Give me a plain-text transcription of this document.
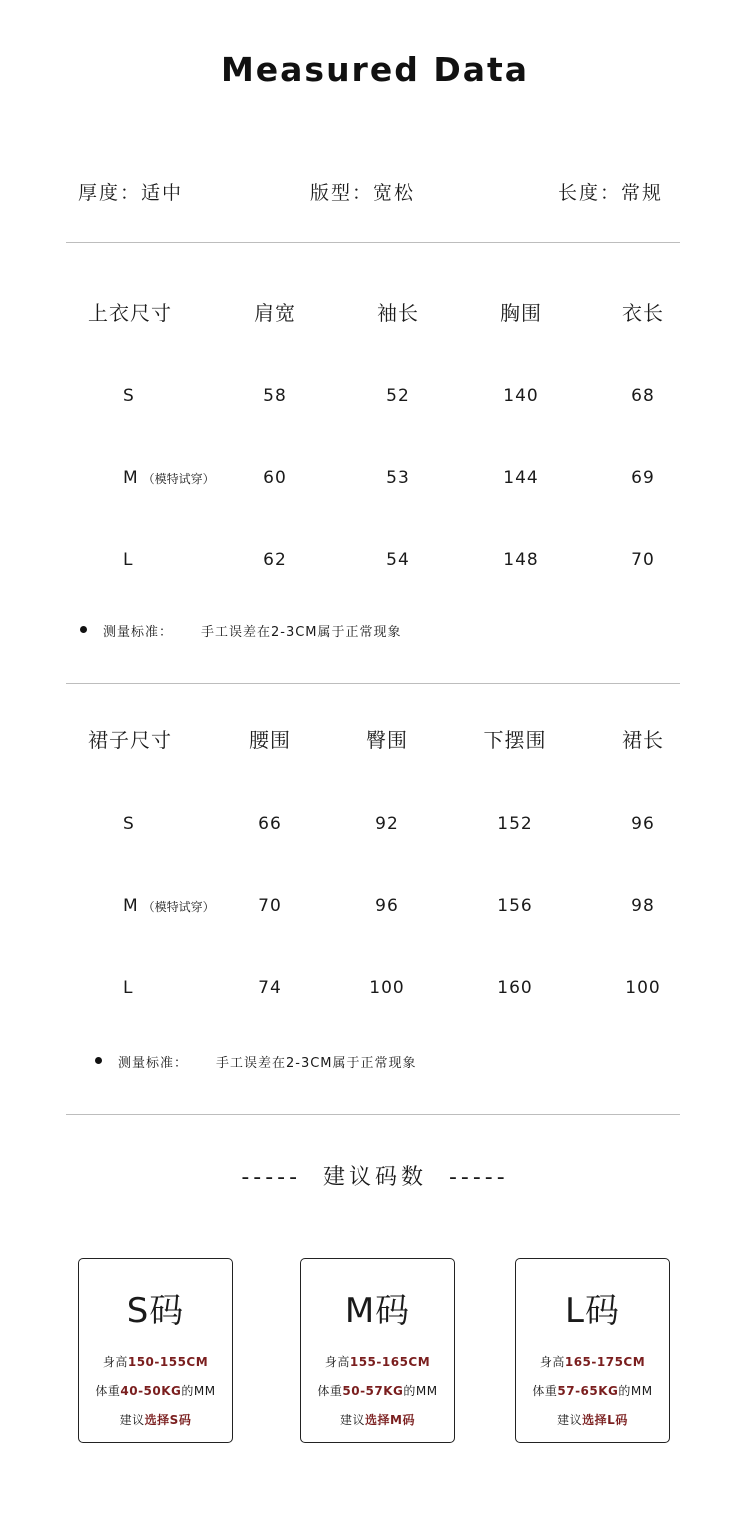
Measured Data
厚度：适中	版型：宽松	长度：常规
上衣尺寸	肩宽	袖长	胸围	衣长
S	58	52	140	68
M （模特试穿）	60	53	144	69
L	62	54	148	70
测量标准： 手工误差在2-3CM属于正常现象
裙子尺寸	腰围	臀围	下摆围	裙长
S	66	92	152	96
M （模特试穿）	70	96	156	98
L	74	100	160	100
测量标准： 手工误差在2-3CM属于正常现象
-----  建议码数  -----
S码
身高150-155CM
体重40-50KG的MM
建议选择S码
M码
身高155-165CM
体重50-57KG的MM
建议选择M码
L码
身高165-175CM
体重57-65KG的MM
建议选择L码
